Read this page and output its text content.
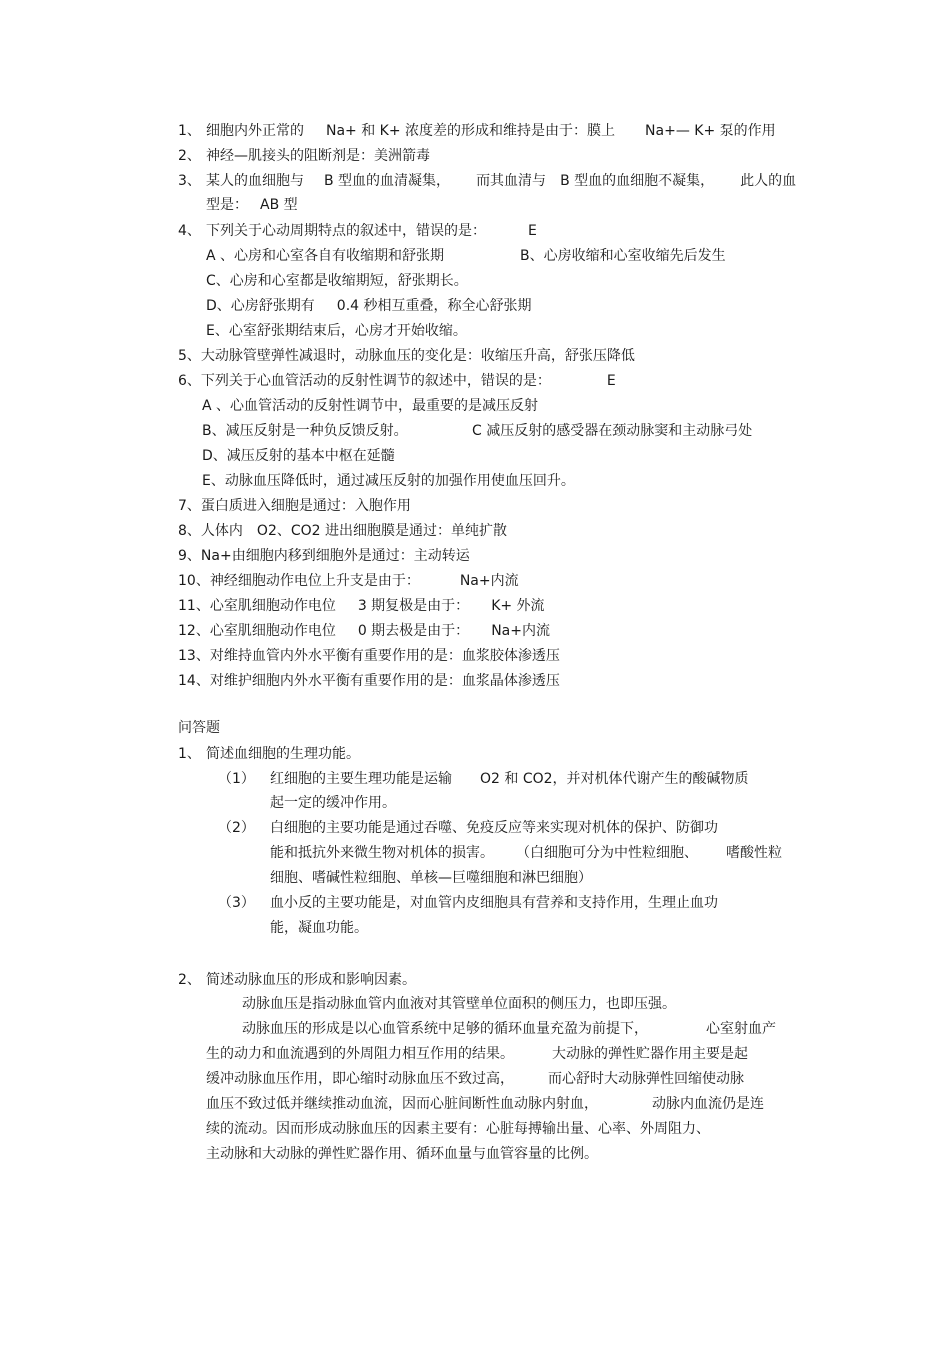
1、 细胞内外正常的 Na+ 和 K+ 浓度差的形成和维持是由于：膜上 Na+— K+ 泵的作用
2、 神经—肌接头的阻断剂是：美洲箭毒
3、 某人的血细胞与 B 型血的血清凝集， 而其血清与 B 型血的血细胞不凝集， 此人的血
型是： AB 型
4、 下列关于心动周期特点的叙述中，错误的是：	E
A 、心房和心室各自有收缩期和舒张期	B、心房收缩和心室收缩先后发生
C、心房和心室都是收缩期短，舒张期长。
D、心房舒张期有 0.4 秒相互重叠，称全心舒张期
E、心室舒张期结束后，心房才开始收缩。
5、大动脉管壁弹性减退时，动脉血压的变化是：收缩压升高，舒张压降低
6、下列关于心血管活动的反射性调节的叙述中，错误的是：	E
A 、心血管活动的反射性调节中，最重要的是减压反射
B、减压反射是一种负反馈反射。	C 减压反射的感受器在颈动脉窦和主动脉弓处
D、减压反射的基本中枢在延髓
E、动脉血压降低时，通过减压反射的加强作用使血压回升。
7、蛋白质进入细胞是通过：入胞作用
8、人体内 O2、CO2 进出细胞膜是通过：单纯扩散
9、Na+由细胞内移到细胞外是通过：主动转运
10、神经细胞动作电位上升支是由于：	Na+内流
11、心室肌细胞动作电位 3 期复极是由于： K+ 外流
12、心室肌细胞动作电位 0 期去极是由于： Na+内流
13、对维持血管内外水平衡有重要作用的是：血浆胶体渗透压
14、对维护细胞内外水平衡有重要作用的是：血浆晶体渗透压
问答题
1、 简述血细胞的生理功能。
（1） 红细胞的主要生理功能是运输 O2 和 CO2，并对机体代谢产生的酸碱物质
起一定的缓冲作用。
（2） 白细胞的主要功能是通过吞噬、免疫反应等来实现对机体的保护、防御功
能和抵抗外来微生物对机体的损害。 （白细胞可分为中性粒细胞、 嗜酸性粒
细胞、嗜碱性粒细胞、单核—巨噬细胞和淋巴细胞）
（3） 血小反的主要功能是，对血管内皮细胞具有营养和支持作用，生理止血功
能，凝血功能。
2、 简述动脉血压的形成和影响因素。
动脉血压是指动脉血管内血液对其管壁单位面积的侧压力，也即压强。
动脉血压的形成是以心血管系统中足够的循环血量充盈为前提下，	心室射血产
生的动力和血流遇到的外周阻力相互作用的结果。	大动脉的弹性贮器作用主要是起
缓冲动脉血压作用，即心缩时动脉血压不致过高， 而心舒时大动脉弹性回缩使动脉
血压不致过低并继续推动血流，因而心脏间断性血动脉内射血，	动脉内血流仍是连
续的流动。因而形成动脉血压的因素主要有：心脏每搏输出量、心率、外周阻力、
主动脉和大动脉的弹性贮器作用、循环血量与血管容量的比例。
